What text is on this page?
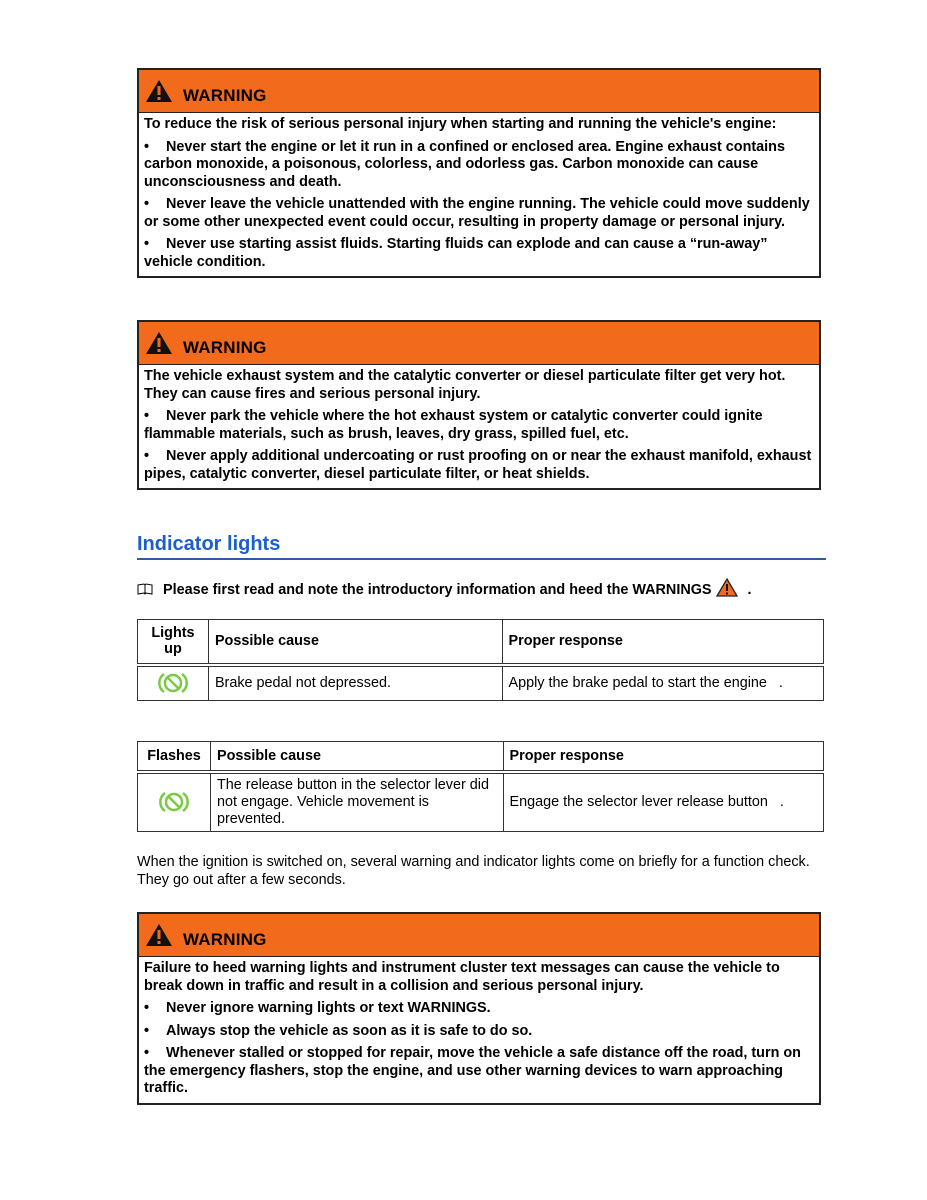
WARNING

To reduce the risk of serious personal injury when starting and running the vehicle's engine:

• Never start the engine or let it run in a confined or enclosed area. Engine exhaust contains carbon monoxide, a poisonous, colorless, and odorless gas. Carbon monoxide can cause unconsciousness and death.

• Never leave the vehicle unattended with the engine running. The vehicle could move suddenly or some other unexpected event could occur, resulting in property damage or personal injury.

• Never use starting assist fluids. Starting fluids can explode and can cause a “run-away” vehicle condition.

WARNING

The vehicle exhaust system and the catalytic converter or diesel particulate filter get very hot. They can cause fires and serious personal injury.

• Never park the vehicle where the hot exhaust system or catalytic converter could ignite flammable materials, such as brush, leaves, dry grass, spilled fuel, etc.

• Never apply additional undercoating or rust proofing on or near the exhaust manifold, exhaust pipes, catalytic converter, diesel particulate filter, or heat shields.

Indicator lights
Please first read and note the introductory information and heed the WARNINGS	.
Lights up	Possible cause	Proper response

	Brake pedal not depressed.	Apply the brake pedal to start the engine .
Flashes	Possible cause	Proper response

	The release button in the selector lever did not engage. Vehicle movement is prevented.	Engage the selector lever release button .
When the ignition is switched on, several warning and indicator lights come on briefly for a function check. They go out after a few seconds.
WARNING

Failure to heed warning lights and instrument cluster text messages can cause the vehicle to break down in traffic and result in a collision and serious personal injury.

• Never ignore warning lights or text WARNINGS.

• Always stop the vehicle as soon as it is safe to do so.

• Whenever stalled or stopped for repair, move the vehicle a safe distance off the road, turn on the emergency flashers, stop the engine, and use other warning devices to warn approaching traffic.
